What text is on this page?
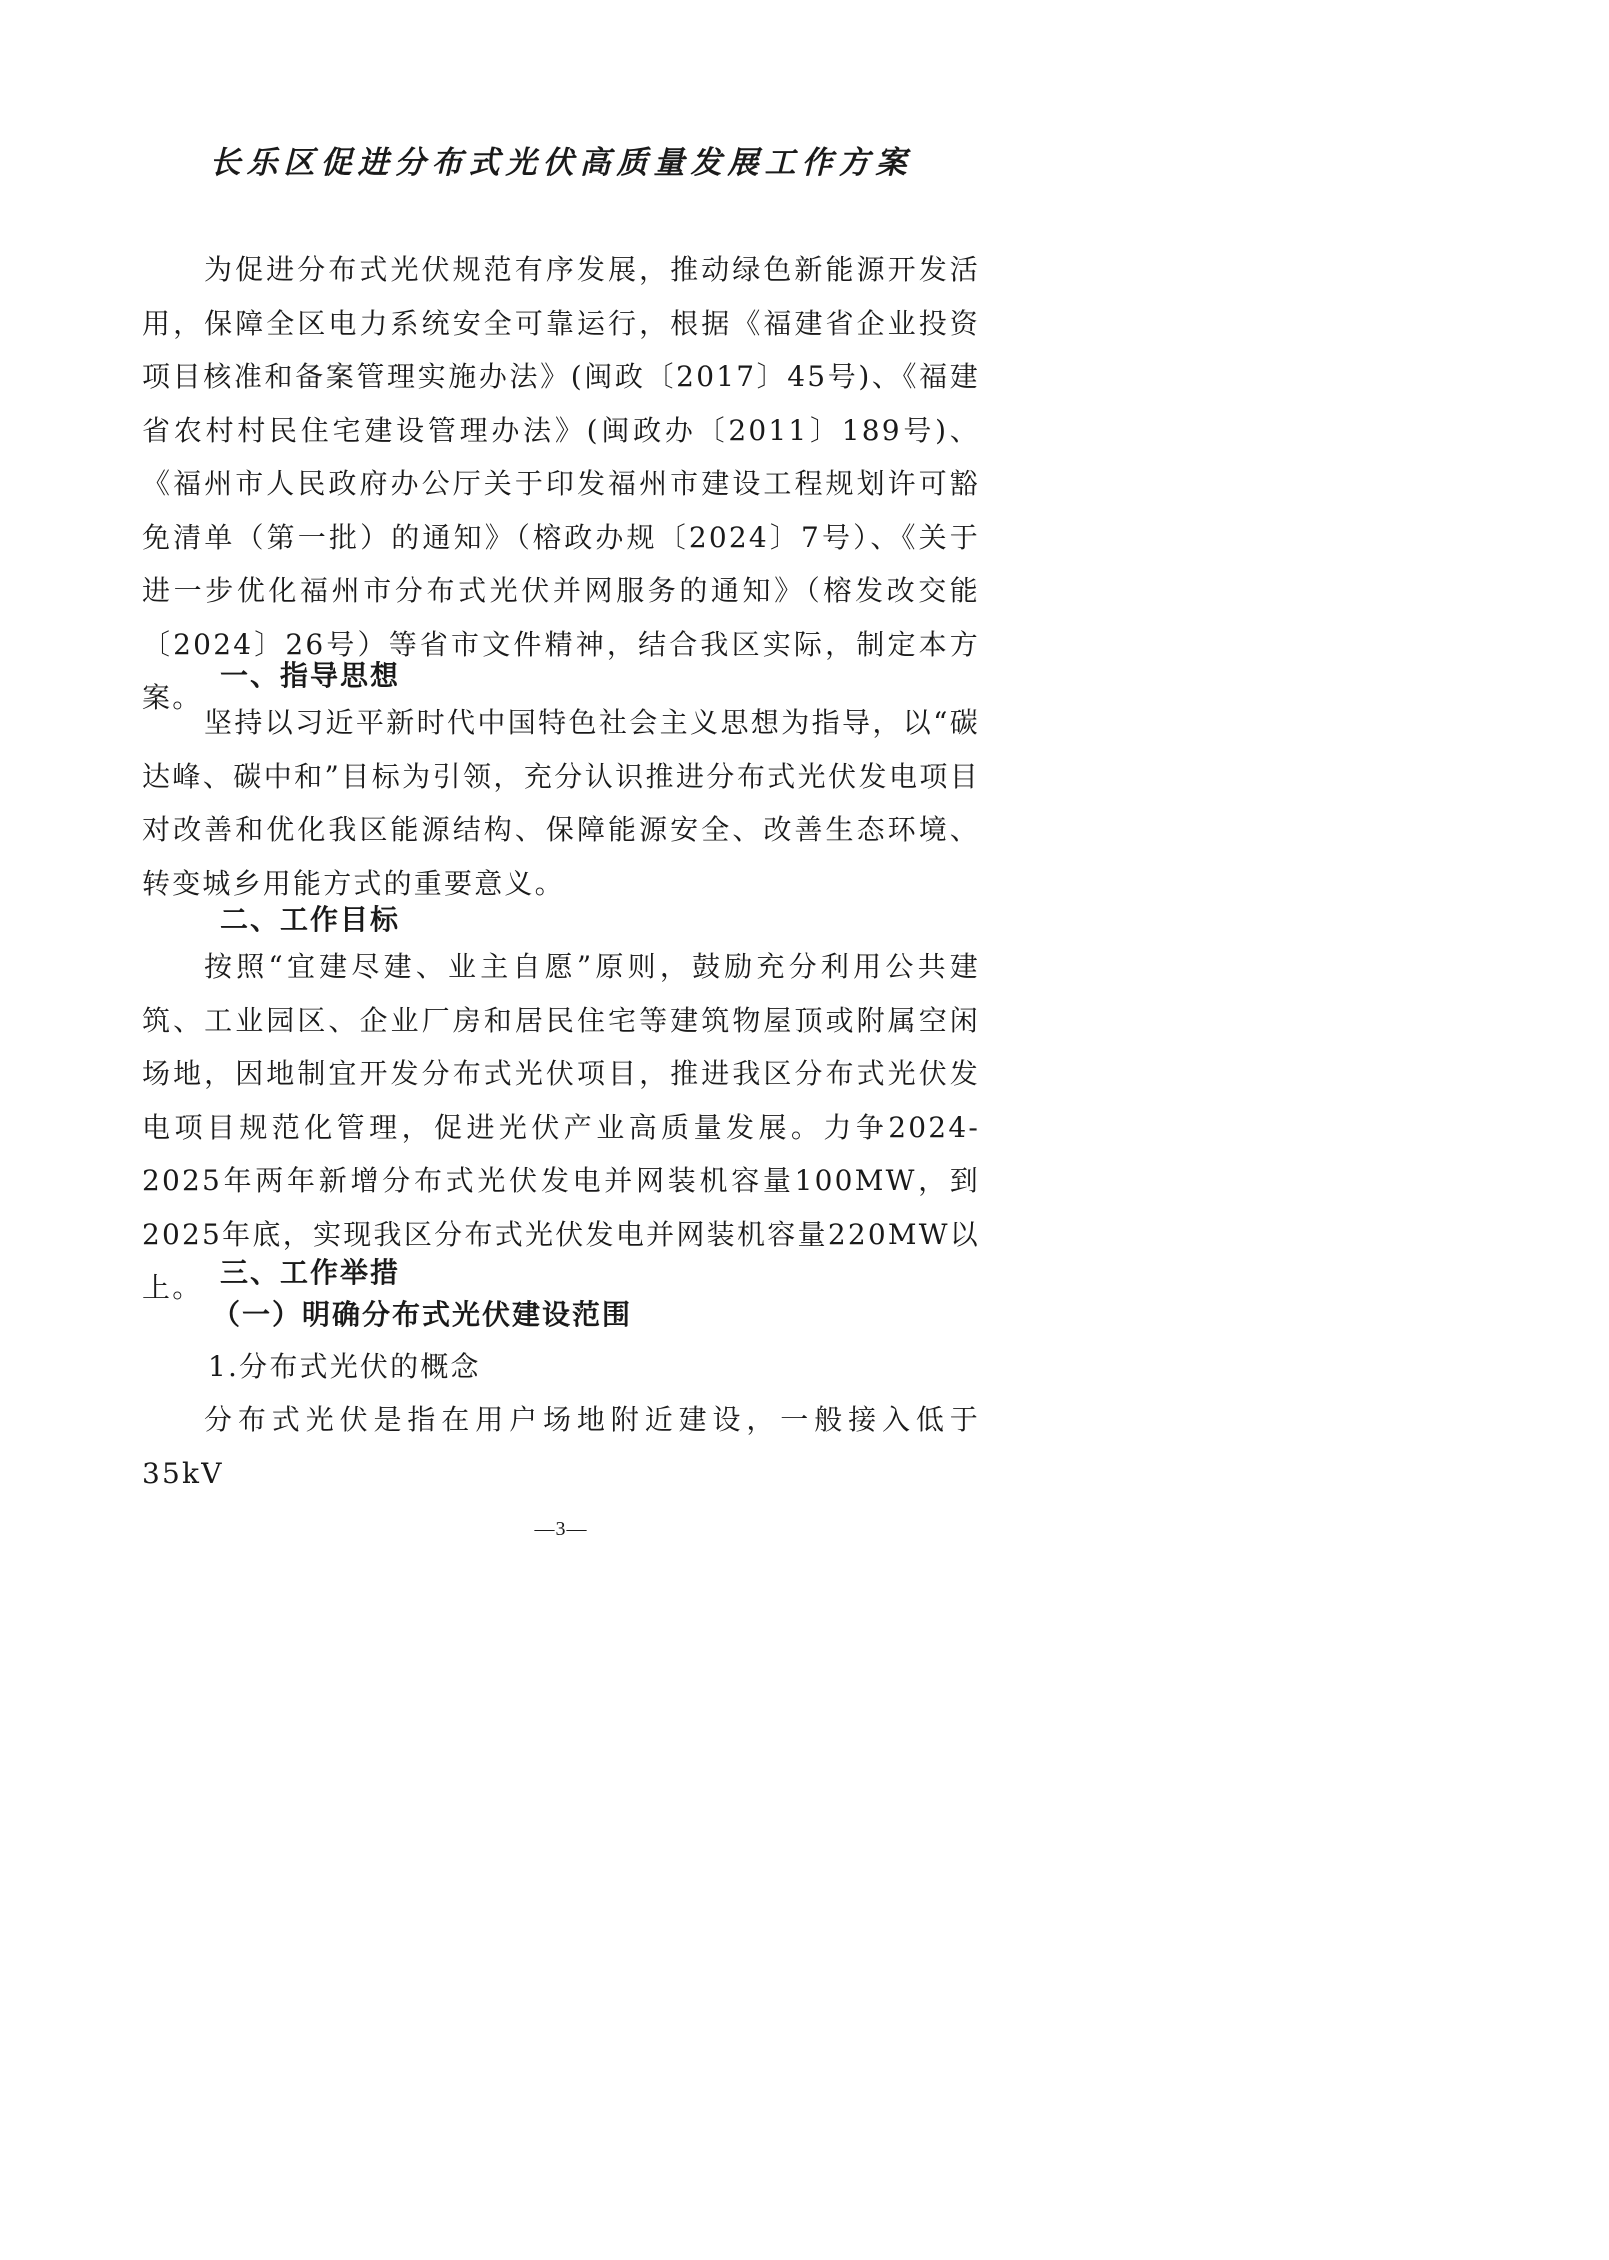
长乐区促进分布式光伏高质量发展工作方案

为促进分布式光伏规范有序发展，推动绿色新能源开发活用，保障全区电力系统安全可靠运行，根据《福建省企业投资项目核准和备案管理实施办法》(闽政〔2017〕45号)、《福建省农村村民住宅建设管理办法》(闽政办〔2011〕189号)、《福州市人民政府办公厅关于印发福州市建设工程规划许可豁免清单（第一批）的通知》（榕政办规〔2024〕7号）、《关于进一步优化福州市分布式光伏并网服务的通知》（榕发改交能〔2024〕26号）等省市文件精神，结合我区实际，制定本方案。

一、指导思想

坚持以习近平新时代中国特色社会主义思想为指导，以“碳达峰、碳中和”目标为引领，充分认识推进分布式光伏发电项目对改善和优化我区能源结构、保障能源安全、改善生态环境、转变城乡用能方式的重要意义。

二、工作目标

按照“宜建尽建、业主自愿”原则，鼓励充分利用公共建筑、工业园区、企业厂房和居民住宅等建筑物屋顶或附属空闲场地，因地制宜开发分布式光伏项目，推进我区分布式光伏发电项目规范化管理，促进光伏产业高质量发展。力争2024-2025年两年新增分布式光伏发电并网装机容量100MW，到2025年底，实现我区分布式光伏发电并网装机容量220MW以上。 三、工作举措
（一）明确分布式光伏建设范围

1.分布式光伏的概念

分布式光伏是指在用户场地附近建设，一般接入低于35kV

—3—
